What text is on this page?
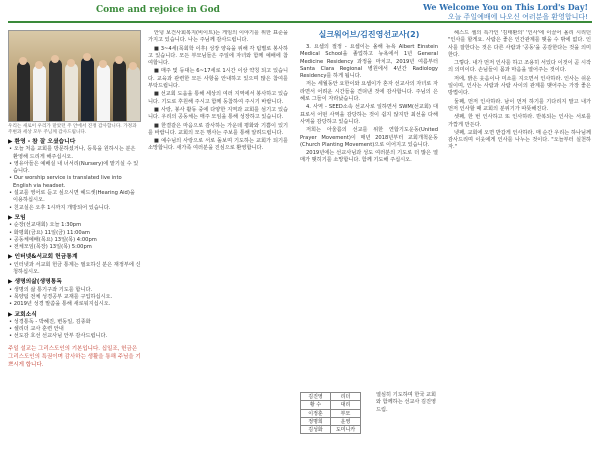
Come and rejoice in God	We Welcome You on This Lord's Day!
오늘 주일예배에 나오신 여러분을 환영합니다!
우리는 새로이 우리가 맡았던 주 안에서 진정 감사합니다. 가정과 주변과 세상 모두 주님께 감사드립니다.
▶ 환영 - 참 잘 오셨습니다
• 오늘 처음 교회를 방문하셨거나, 등록을 원하시는 분은 환영해 드리게 해주십시오.
• 영유아들은 예배실 내 너서리(Nursery)에 맡기실 수 있습니다.
• Our worship service is translated live into English via headset.
• 설교를 영어로 듣고 싶으시면 헤드셋(Hearing Aid)을 이용하십시오.
• 친교실은 오후 1시까지 개방되어 있습니다.
▶ 모임
• 순장(선교대회) 오늘 1:30pm
• 화평회(금요) 11일(금) 11:00am
• 공동체예배(목요) 13일(목) 4:00pm
• 전체모임(목장) 13일(목) 5:00pm
▶ 인터넷&서교회 헌금통계
• 인터넷과 서교회 헌금 통계는 필요하신 분은 재정부에 신청하십시오.
▶ 생명의삶(생명통독
• 생명의 삶 통기구좌 기도를 합니다.
• 목양팀 전체 성경공부 교재를 구입하십시오.
• 2019년 성경 말씀을 통해 새로워지십시오.
▶ 교회소식
• 성경통독 - 박혜진, 변동일, 김종화
• 셀리더 교사 훈련 안내
• 선도감 호선 선교사님 안부 감사드립니다.
주일 설교는 그리스도인의 기본입니다. 십일조, 헌금은 그리스도인의 특권이며 감사하는 생활을 통해 주님을 기쁘시게 합니다.
안녕 보건사회복지(비이트)는 게임의 이야기를 위한 표준을 가지고 있습니다. 나는 주님께 감사드립니다.
■ 3~4세(목회학 이후) 성장 양육을 위해 각 팀별로 봉사하고 있습니다. 모든 부모님들은 주일에 자녀와 함께 예배에 참여합니다.
■ 매주 및 등대는 6~17세로 1시간 이상 약칭 되고 있습니다. 교육과 관련한 모든 사항을 안내하고 있으며 많은 참여를 부탁드립니다.
■ 선교회 도움을 통해 세상의 여러 지역에서 봉사하고 있습니다. 기도로 후원해 주시고 함께 동참하여 주시기 바랍니다.
■ 사랑, 봉사 활동 중에 다양한 지역과 교회를 섬기고 있습니다. 우리의 공동체는 매주 모임을 통해 성장하고 있습니다.
■ 한결같은 마음으로 감사하는 가운데 평화와 기쁨이 있기를 바랍니다. 교회의 모든 행사는 주보를 통해 알려드립니다.
■ 예수님의 사랑으로 서로 돌보며 기도하는 교회가 되기를 소망합니다. 새가족 여러분을 진심으로 환영합니다.
실크워어브/김진영선교사(2)
3. 요셉의 절정 - 요셉이는 올해 뉴욕 Albert Einstein Medical School을 졸업하고 뉴욕에서 1년 General Medicine Residency 과정을 마치고, 2019년 여름부터 Santa Clara Regional 병원에서 4년간 Radiology Residency를 하게 됩니다.
저는 세월동안 요한이와 요셉이가 혼자 선교사의 자녀로 자라면서 어려운 시간들을 견뎌낸 것에 감사합니다. 주님의 은혜로 그들이 자라났습니다.
4. 사역 - SEED소속 선교사로 일하면서 SWM(선교회) 대표로서 어떤 사역을 감당하는 것이 쉽지 않지만 최선을 다해 사역을 감당하고 있습니다.
저희는 아울름의 선교를 위한 연합기도운동(United Prayer Movement)이 매년 2018년부터 교회개척운동(Church Planting Movement)으로 이어지고 있습니다.
2019년에는 선교사님과 성도 여러분의 기도로 더 많은 열매가 맺히기를 소망합니다. 함께 기도해 주십시오.
김진영	리더
황 수	대리
이정훈	부모
정명희	운영
김성화	도미니카
열심히 기도하며 한국 교회와 함께하는 선교사 김진영 드림.
헤스드 셀의 특가인 '김태환의' '인사'에 이끌어 올리 시리던 "인사를 할게요. 사람은 좋은 인간관계를 맺을 수 밖에 없다. 인사를 잘한다는 것은 다른 사람과 '공동'을 공감한다는 것을 의미한다.
그렇다. 내가 먼저 인사를 하고 조용히 서있다 이것이 곧 시작의 의미이다. 손님들이 몸과 마음을 열어주는 것이다.
저에, 밝은 웃음이나 미소를 지으면서 인사하라. 인사는 쉬운 일이며, 인사는 사람과 사람 사이의 관계를 맺어주는 가장 좋은 방법이다.
둘째, 먼저 인사하라. 남이 먼저 하기를 기다리지 말고 내가 먼저 인사할 때 교회의 분위기가 따뜻해진다.
셋째, 한 번 인사하고 또 인사하라. 반복되는 인사는 서로를 가깝게 만든다.
넷째, 교회에 오면 반갑게 인사하라. 매 순간 우리는 하나님께 감사드리며 이웃에게 인사를 나누는 것이다. "오늘부터 실천하자."
